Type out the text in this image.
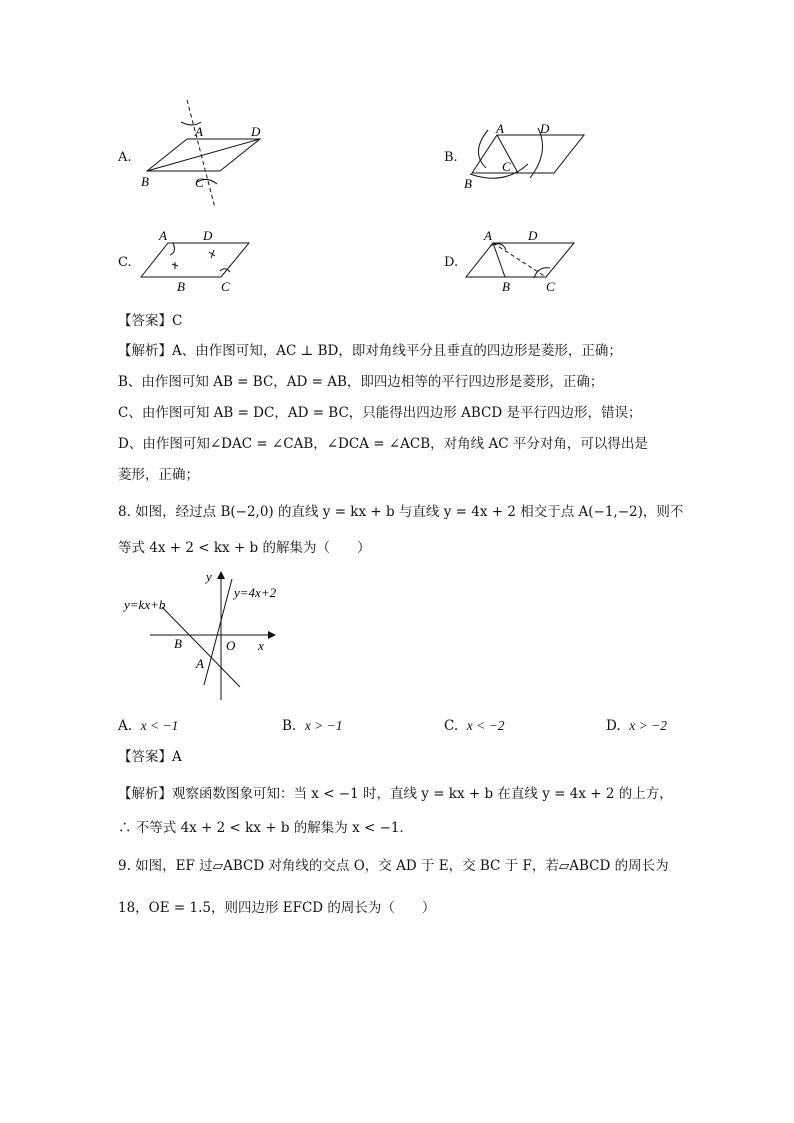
A.
A	D
B	C
B.
A	D
B
C
C.
A	D
B	C
D.
A	D
B	C
【答案】C
【解析】A、由作图可知，AC ⊥ BD，即对角线平分且垂直的四边形是菱形，正确；
B、由作图可知 AB = BC，AD = AB，即四边相等的平行四边形是菱形，正确；
C、由作图可知 AB = DC，AD = BC，只能得出四边形 ABCD 是平行四边形，错误；
D、由作图可知∠DAC = ∠CAB，∠DCA = ∠ACB，对角线 AC 平分对角，可以得出是
菱形，正确；
8. 如图，经过点 B(−2,0) 的直线 y = kx + b 与直线 y = 4x + 2 相交于点 A(−1,−2)，则不
等式 4x + 2 < kx + b 的解集为（　　）
y=kx+b
y=4x+2
y
x
B	O
A
A. x < −1	B. x > −1	C. x < −2	D. x > −2
【答案】A
【解析】观察函数图象可知：当 x < −1 时，直线 y = kx + b 在直线 y = 4x + 2 的上方，
∴ 不等式 4x + 2 < kx + b 的解集为 x < −1．
9. 如图，EF 过▱ABCD 对角线的交点 O，交 AD 于 E，交 BC 于 F，若▱ABCD 的周长为
18，OE = 1.5，则四边形 EFCD 的周长为（　　）
